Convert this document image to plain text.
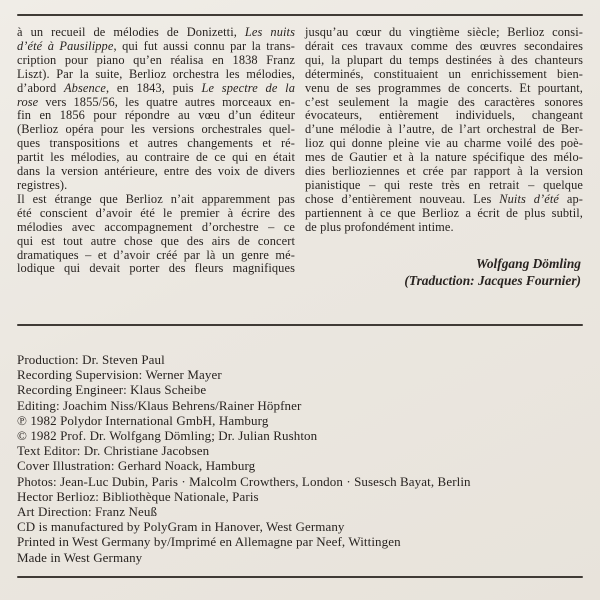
à un recueil de mélodies de Donizetti, Les nuits
d’été à Pausilippe, qui fut aussi connu par la trans-
cription pour piano qu’en réalisa en 1838 Franz
Liszt). Par la suite, Berlioz orchestra les mélodies,
d’abord Absence, en 1843, puis Le spectre de la
rose vers 1855/56, les quatre autres morceaux en-
fin en 1856 pour répondre au vœu d’un éditeur
(Berlioz opéra pour les versions orchestrales quel-
ques transpositions et autres changements et ré-
partit les mélodies, au contraire de ce qui en était
dans la version antérieure, entre des voix de divers
registres).
Il est étrange que Berlioz n’ait apparemment pas
été conscient d’avoir été le premier à écrire des
mélodies avec accompagnement d’orchestre – ce
qui est tout autre chose que des airs de concert
dramatiques – et d’avoir créé par là un genre mé-
lodique qui devait porter des fleurs magnifiques
jusqu’au cœur du vingtième siècle; Berlioz consi-
dérait ces travaux comme des œuvres secondaires
qui, la plupart du temps destinées à des chanteurs
déterminés, constituaient un enrichissement bien-
venu de ses programmes de concerts. Et pourtant,
c’est seulement la magie des caractères sonores
évocateurs, entièrement individuels, changeant
d’une mélodie à l’autre, de l’art orchestral de Ber-
lioz qui donne pleine vie au charme voilé des poè-
mes de Gautier et à la nature spécifique des mélo-
dies berlioziennes et crée par rapport à la version
pianistique – qui reste très en retrait – quelque
chose d’entièrement nouveau. Les Nuits d’été ap-
partiennent à ce que Berlioz a écrit de plus subtil,
de plus profondément intime.
Wolfgang Dömling
(Traduction: Jacques Fournier)
Production: Dr. Steven Paul
Recording Supervision: Werner Mayer
Recording Engineer: Klaus Scheibe
Editing: Joachim Niss/Klaus Behrens/Rainer Höpfner
℗ 1982 Polydor International GmbH, Hamburg
© 1982 Prof. Dr. Wolfgang Dömling; Dr. Julian Rushton
Text Editor: Dr. Christiane Jacobsen
Cover Illustration: Gerhard Noack, Hamburg
Photos: Jean-Luc Dubin, Paris · Malcolm Crowthers, London · Susesch Bayat, Berlin
Hector Berlioz: Bibliothèque Nationale, Paris
Art Direction: Franz Neuß
CD is manufactured by PolyGram in Hanover, West Germany
Printed in West Germany by/Imprimé en Allemagne par Neef, Wittingen
Made in West Germany
